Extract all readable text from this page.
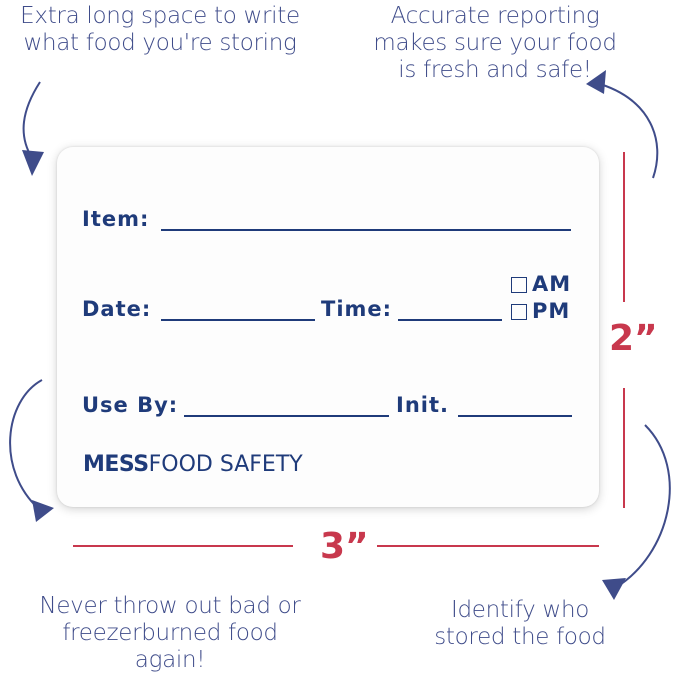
Extra long space to write
what food you're storing
Accurate reporting
makes sure your food
is fresh and safe!
Never throw out bad or
freezerburned food again!
Identify who
stored the food
Item:
Date:	Time:
AM
PM
Use By:	Init.
MESSFOOD SAFETY
2”
3”
